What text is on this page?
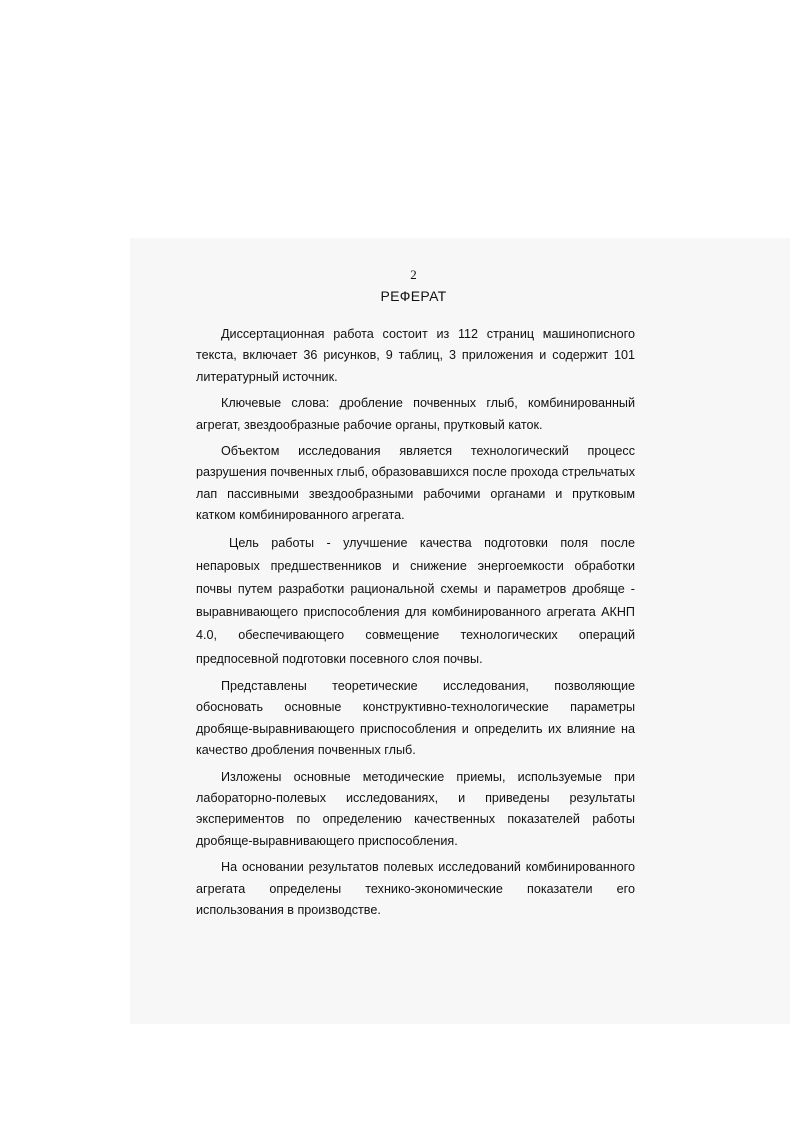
2
РЕФЕРАТ

Диссертационная работа состоит из 112 страниц машинописного текста, включает 36 рисунков, 9 таблиц, 3 приложения и содержит 101 литературный источник.

Ключевые слова: дробление почвенных глыб, комбинированный агрегат, звездообразные рабочие органы, прутковый каток.

Объектом исследования является технологический процесс разрушения почвенных глыб, образовавшихся после прохода стрельчатых лап пассивными звездообразными рабочими органами и прутковым катком комбинированного агрегата.

Цель работы - улучшение качества подготовки поля после непаровых предшественников и снижение энергоемкости обработки почвы путем разработки рациональной схемы и параметров дробяще - выравнивающего приспособления для комбинированного агрегата АКНП 4.0, обеспечивающего совмещение технологических операций предпосевной подготовки посевного слоя почвы.

Представлены теоретические исследования, позволяющие обосновать основные конструктивно-технологические параметры дробяще-выравнивающего приспособления и определить их влияние на качество дробления почвенных глыб.

Изложены основные методические приемы, используемые при лабораторно-полевых исследованиях, и приведены результаты экспериментов по определению качественных показателей работы дробяще-выравнивающего приспособления.

На основании результатов полевых исследований комбинированного агрегата определены технико-экономические показатели его использования в производстве.
